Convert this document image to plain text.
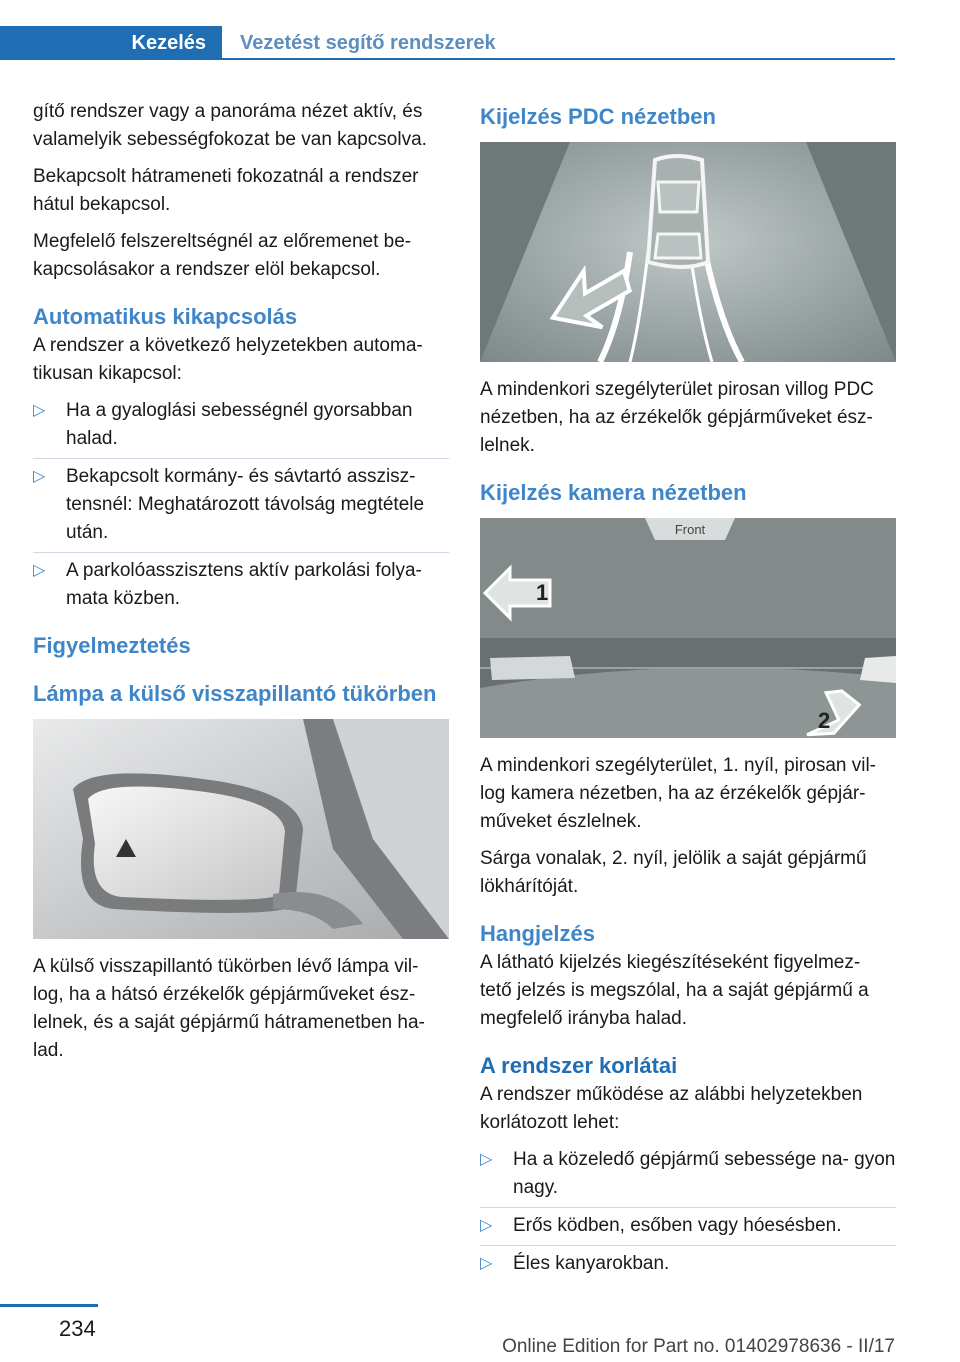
Kezelés	Vezetést segítő rendszerek

gítő rendszer vagy a panoráma nézet aktív, és valamelyik sebességfokozat be van kapcsolva.

Bekapcsolt hátrameneti fokozatnál a rendszer hátul bekapcsol.

Megfelelő felszereltségnél az előremenet be- kapcsolásakor a rendszer elöl bekapcsol.

Automatikus kikapcsolás

A rendszer a következő helyzetekben automa- tikusan kikapcsol:

▷ Ha a gyaloglási sebességnél gyorsabban halad.
▷ Bekapcsolt kormány- és sávtartó asszisz- tensnél: Meghatározott távolság megtétele után.
▷ A parkolóasszisztens aktív parkolási folya- mata közben.
Figyelmeztetés
Lámpa a külső visszapillantó tükörben

A külső visszapillantó tükörben lévő lámpa vil- log, ha a hátsó érzékelők gépjárműveket ész- lelnek, és a saját gépjármű hátramenetben ha- lad.

Kijelzés PDC nézetben

A mindenkori szegélyterület pirosan villog PDC nézetben, ha az érzékelők gépjárműveket ész- lelnek.

Kijelzés kamera nézetben
Front
1
2

A mindenkori szegélyterület, 1. nyíl, pirosan vil- log kamera nézetben, ha az érzékelők gépjár- műveket észlelnek.

Sárga vonalak, 2. nyíl, jelölik a saját gépjármű lökhárítóját.

Hangjelzés

A látható kijelzés kiegészítéseként figyelmez- tető jelzés is megszólal, ha a saját gépjármű a megfelelő irányba halad.

A rendszer korlátai

A rendszer működése az alábbi helyzetekben korlátozott lehet:

▷ Ha a közeledő gépjármű sebessége na- gyon nagy.
▷ Erős ködben, esőben vagy hóesésben.
▷ Éles kanyarokban.
234
Online Edition for Part no. 01402978636 - II/17
